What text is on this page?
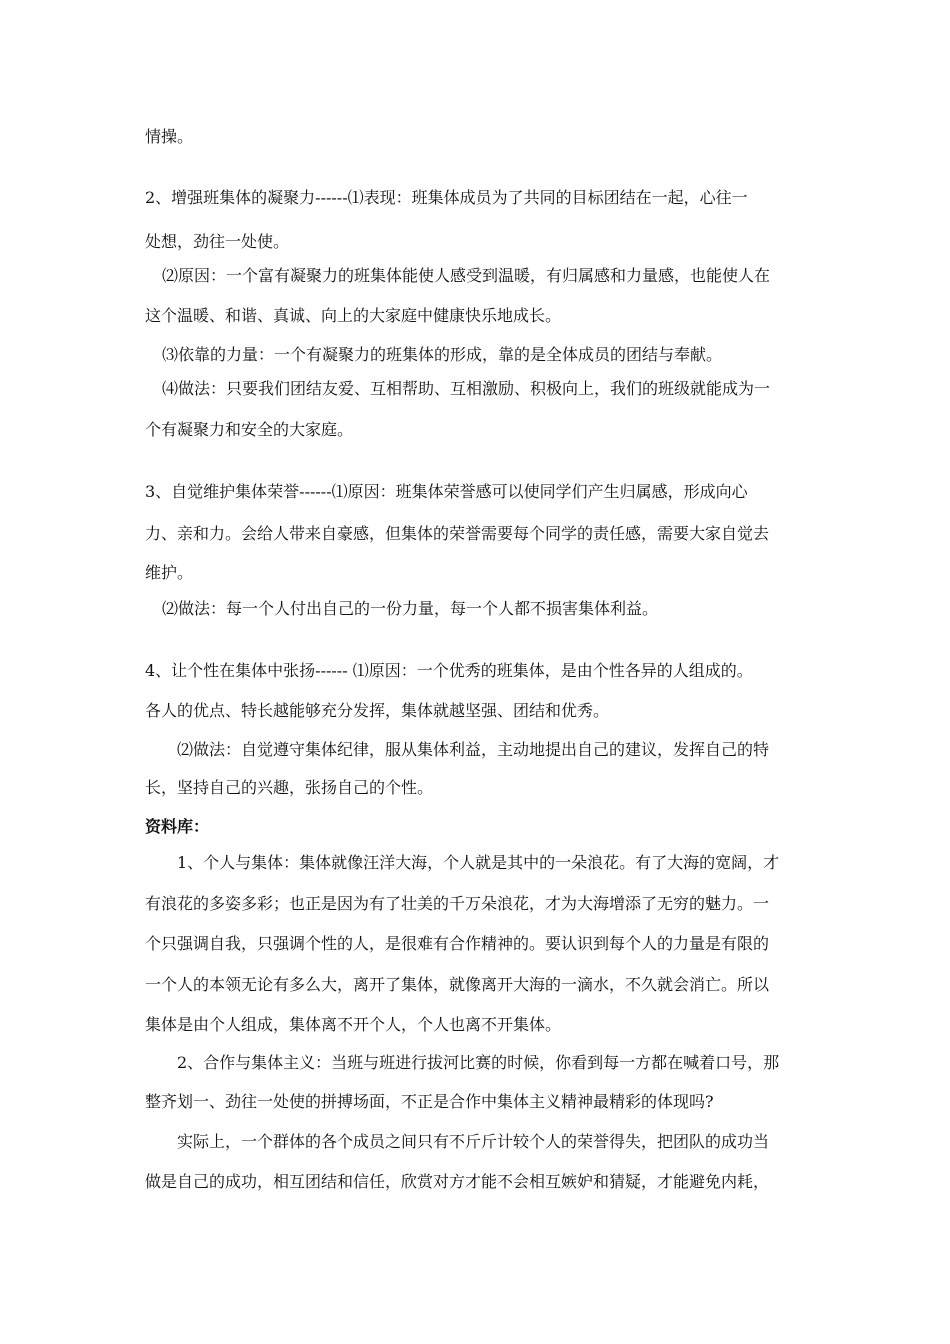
情操。
2、增强班集体的凝聚力------⑴表现：班集体成员为了共同的目标团结在一起，心往一
处想，劲往一处使。
⑵原因：一个富有凝聚力的班集体能使人感受到温暖，有归属感和力量感，也能使人在
这个温暖、和谐、真诚、向上的大家庭中健康快乐地成长。
⑶依靠的力量：一个有凝聚力的班集体的形成，靠的是全体成员的团结与奉献。
⑷做法：只要我们团结友爱、互相帮助、互相激励、积极向上，我们的班级就能成为一
个有凝聚力和安全的大家庭。
3、自觉维护集体荣誉------⑴原因：班集体荣誉感可以使同学们产生归属感，形成向心
力、亲和力。会给人带来自豪感，但集体的荣誉需要每个同学的责任感，需要大家自觉去
维护。
⑵做法：每一个人付出自己的一份力量，每一个人都不损害集体利益。
4、让个性在集体中张扬------ ⑴原因：一个优秀的班集体，是由个性各异的人组成的。
各人的优点、特长越能够充分发挥，集体就越坚强、团结和优秀。
⑵做法：自觉遵守集体纪律，服从集体利益，主动地提出自己的建议，发挥自己的特
长，坚持自己的兴趣，张扬自己的个性。
资料库：
1、个人与集体：集体就像汪洋大海，个人就是其中的一朵浪花。有了大海的宽阔，才
有浪花的多姿多彩；也正是因为有了壮美的千万朵浪花，才为大海增添了无穷的魅力。一
个只强调自我，只强调个性的人，是很难有合作精神的。要认识到每个人的力量是有限的
一个人的本领无论有多么大，离开了集体，就像离开大海的一滴水，不久就会消亡。所以
集体是由个人组成，集体离不开个人，个人也离不开集体。
2、合作与集体主义：当班与班进行拔河比赛的时候，你看到每一方都在喊着口号，那
整齐划一、劲往一处使的拼搏场面，不正是合作中集体主义精神最精彩的体现吗?
实际上，一个群体的各个成员之间只有不斤斤计较个人的荣誉得失，把团队的成功当
做是自己的成功，相互团结和信任，欣赏对方才能不会相互嫉妒和猜疑，才能避免内耗，
